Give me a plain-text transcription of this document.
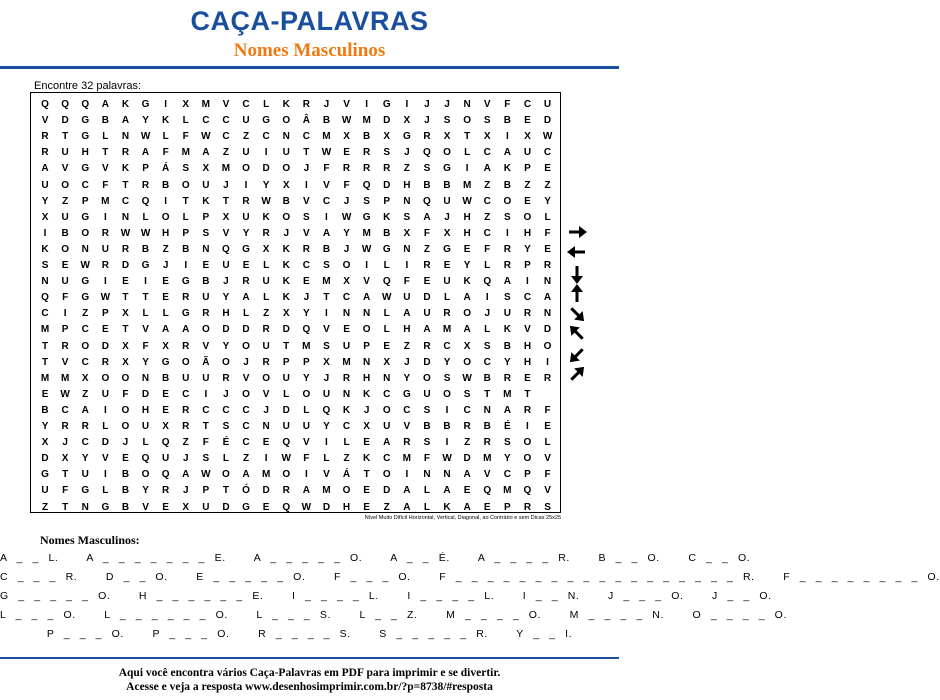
CAÇA-PALAVRAS
Nomes Masculinos
Encontre 32 palavras:
Q	Q	Q	A	K	G	I	X	M	V	C	L	K	R	J	V	I	G	I	J	J	N	V	F	C	U
V	D	G	B	A	Y	K	L	C	C	U	G	O	Â	B	W	M	D	X	J	S	O	S	B	E	D
R	T	G	L	N	W	L	F	W	C	Z	C	N	C	M	X	B	X	G	R	X	T	X	I	X	W
R	U	H	T	R	A	F	M	A	Z	U	I	U	T	W	E	R	S	J	Q	O	L	C	A	U	C
A	V	G	V	K	P	Á	S	X	M	O	D	O	J	F	R	R	R	Z	S	G	I	A	K	P	E
U	O	C	F	T	R	B	O	U	J	I	Y	X	I	V	F	Q	D	H	B	B	M	Z	B	Z	Z
Y	Z	P	M	C	Q	I	T	K	T	R	W	B	V	C	J	S	P	N	Q	U	W	C	O	E	Y
X	U	G	I	N	L	O	L	P	X	U	K	O	S	I	W	G	K	S	A	J	H	Z	S	O	L
I	B	O	R	W	W	H	P	S	V	Y	R	J	V	A	Y	M	B	X	F	X	H	C	I	H	F
K	O	N	U	R	B	Z	B	N	Q	G	X	K	R	B	J	W	G	N	Z	G	E	F	R	Y	E
S	E	W	R	D	G	J	I	E	U	E	L	K	C	S	O	I	L	I	R	E	Y	L	R	P	R
N	U	G	I	E	I	E	G	B	J	R	U	K	E	M	X	V	Q	F	E	U	K	Q	A	I	N
Q	F	G	W	T	T	E	R	U	Y	A	L	K	J	T	C	A	W	U	D	L	A	I	S	C	A
C	I	Z	P	X	L	L	G	R	H	L	Z	X	Y	I	N	N	L	A	U	R	O	J	U	R	N
M	P	C	E	T	V	A	A	O	D	D	R	D	Q	V	E	O	L	H	A	M	A	L	K	V	D
T	R	O	D	X	F	X	R	V	Y	O	U	T	M	S	U	P	E	Z	R	C	X	S	B	H	O
T	V	C	R	X	Y	G	O	Ã	O	J	R	P	P	X	M	N	X	J	D	Y	O	C	Y	H	I
M	M	X	O	O	N	B	U	U	R	V	O	U	Y	J	R	H	N	Y	O	S	W	B	R	E	R
E	W	Z	U	F	D	E	C	I	J	O	V	L	O	U	N	K	C	G	U	O	S	T	M	T
B	C	A	I	O	H	E	R	C	C	C	J	D	L	Q	K	J	O	C	S	I	C	N	A	R	F
Y	R	R	L	O	U	X	R	T	S	C	N	U	U	Y	C	X	U	V	B	B	R	B	É	I	E
X	J	C	D	J	L	Q	Z	F	É	C	E	Q	V	I	L	E	A	R	S	I	Z	R	S	O	L
D	X	Y	V	E	Q	U	J	S	L	Z	I	W	F	L	Z	K	C	M	F	W	D	M	Y	O	V
G	T	U	I	B	O	Q	A	W	O	A	M	O	I	V	Á	T	O	I	N	N	A	V	C	P	F
U	F	G	L	B	Y	R	J	P	T	Ó	D	R	A	M	O	E	D	A	L	A	E	Q	M	Q	V
Z	T	N	G	B	V	E	X	U	D	G	E	Q	W	D	H	E	Z	A	L	K	A	E	P	R	S
Nível Muito Difícil Horizontal, Vertical, Diagonal, ao Contrário e sem Dicas 25x25
Nomes Masculinos:
A _ _ L.   A _ _ _ _ _ _ _ E.   A _ _ _ _ _ O.   A _ _ É.   A _ _ _ _ R.   B _ _ O.   C _ _ O.
C _ _ _ R.   D _ _ O.   E _ _ _ _ _ O.   F _ _ _ O.   F _ _ _ _ _ _ _ _ _ _ _ _ _ _ _ _ _ _ R.   F _ _ _ _ _ _ _ _ O.
G _ _ _ _ _ O.   H _ _ _ _ _ _ E.   I _ _ _ _ L.   I _ _ _ _ L.   I _ _ N.   J _ _ _ O.   J _ _ O.
L _ _ _ O.   L _ _ _ _ _ _ O.   L _ _ _ S.   L _ _ Z.   M _ _ _ _ O.   M _ _ _ _ N.   O _ _ _ _ O.
P _ _ _ O.   P _ _ _ O.   R _ _ _ _ S.   S _ _ _ _ _ R.   Y _ _ I.
Aqui você encontra vários Caça-Palavras em PDF para imprimir e se divertir.
Acesse e veja a resposta www.desenhosimprimir.com.br/?p=8738/#resposta
